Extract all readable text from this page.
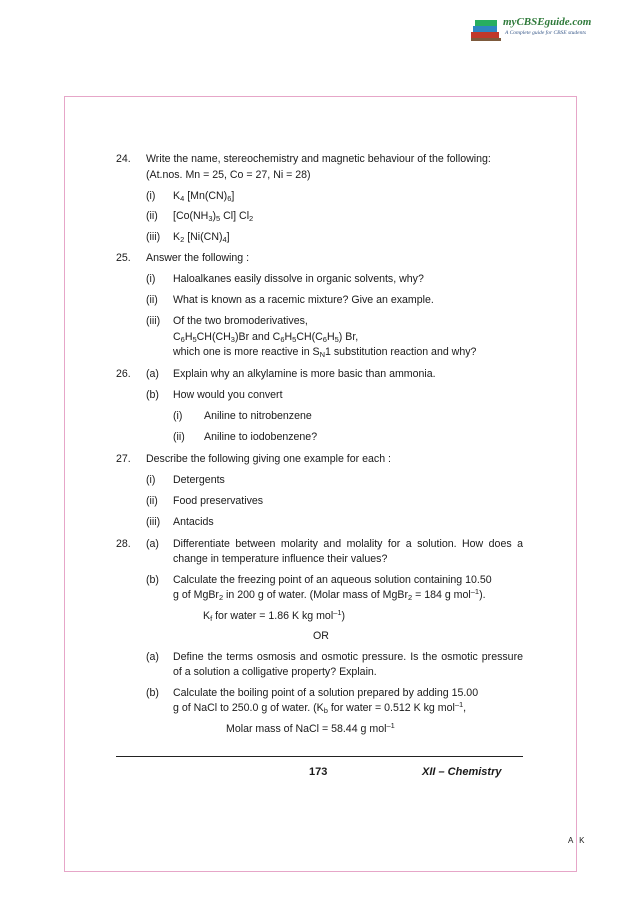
myCBSEguide.com
A Complete guide for CBSE students
24. Write the name, stereochemistry and magnetic behaviour of the following:
(At.nos. Mn = 25, Co = 27, Ni = 28)
(i) $K_4$ $[Mn(CN)_6]$
(ii) [$Co(NH_3)_5$ Cl] $Cl_2$
(iii) $K_2$ $[Ni(CN)_4]$
25. Answer the following :
(i) Haloalkanes easily dissolve in organic solvents, why?
(ii) What is known as a racemic mixture? Give an example.
(iii) Of the two bromoderivatives,
$C_6H_5CH(CH_3)Br$ and $C_6H_5CH(C_6H_5)$ Br,
which one is more reactive in $S_N1$ substitution reaction and why?
26. (a) Explain why an alkylamine is more basic than ammonia.
(b) How would you convert
(i) Aniline to nitrobenzene
(ii) Aniline to iodobenzene?
27. Describe the following giving one example for each :
(i) Detergents
(ii) Food preservatives
(iii) Antacids
28. (a) Differentiate between molarity and molality for a solution. How does a change in temperature influence their values?
(b) Calculate the freezing point of an aqueous solution containing 10.50
g of MgBr$_2$ in 200 g of water. (Molar mass of MgBr$_2$ = 184 g mol$^{-1}$).
$K_f$ for water = 1.86 K kg mol$^{-1}$)
OR
(a) Define the terms osmosis and osmotic pressure. Is the osmotic pressure of a solution a colligative property? Explain.
(b) Calculate the boiling point of a solution prepared by adding 15.00
g of NaCl to 250.0 g of water. ($K_b$ for water = 0.512 K kg mol$^{-1}$,
Molar mass of NaCl = 58.44 g mol$^{-1}$
173	XII – Chemistry
A K
